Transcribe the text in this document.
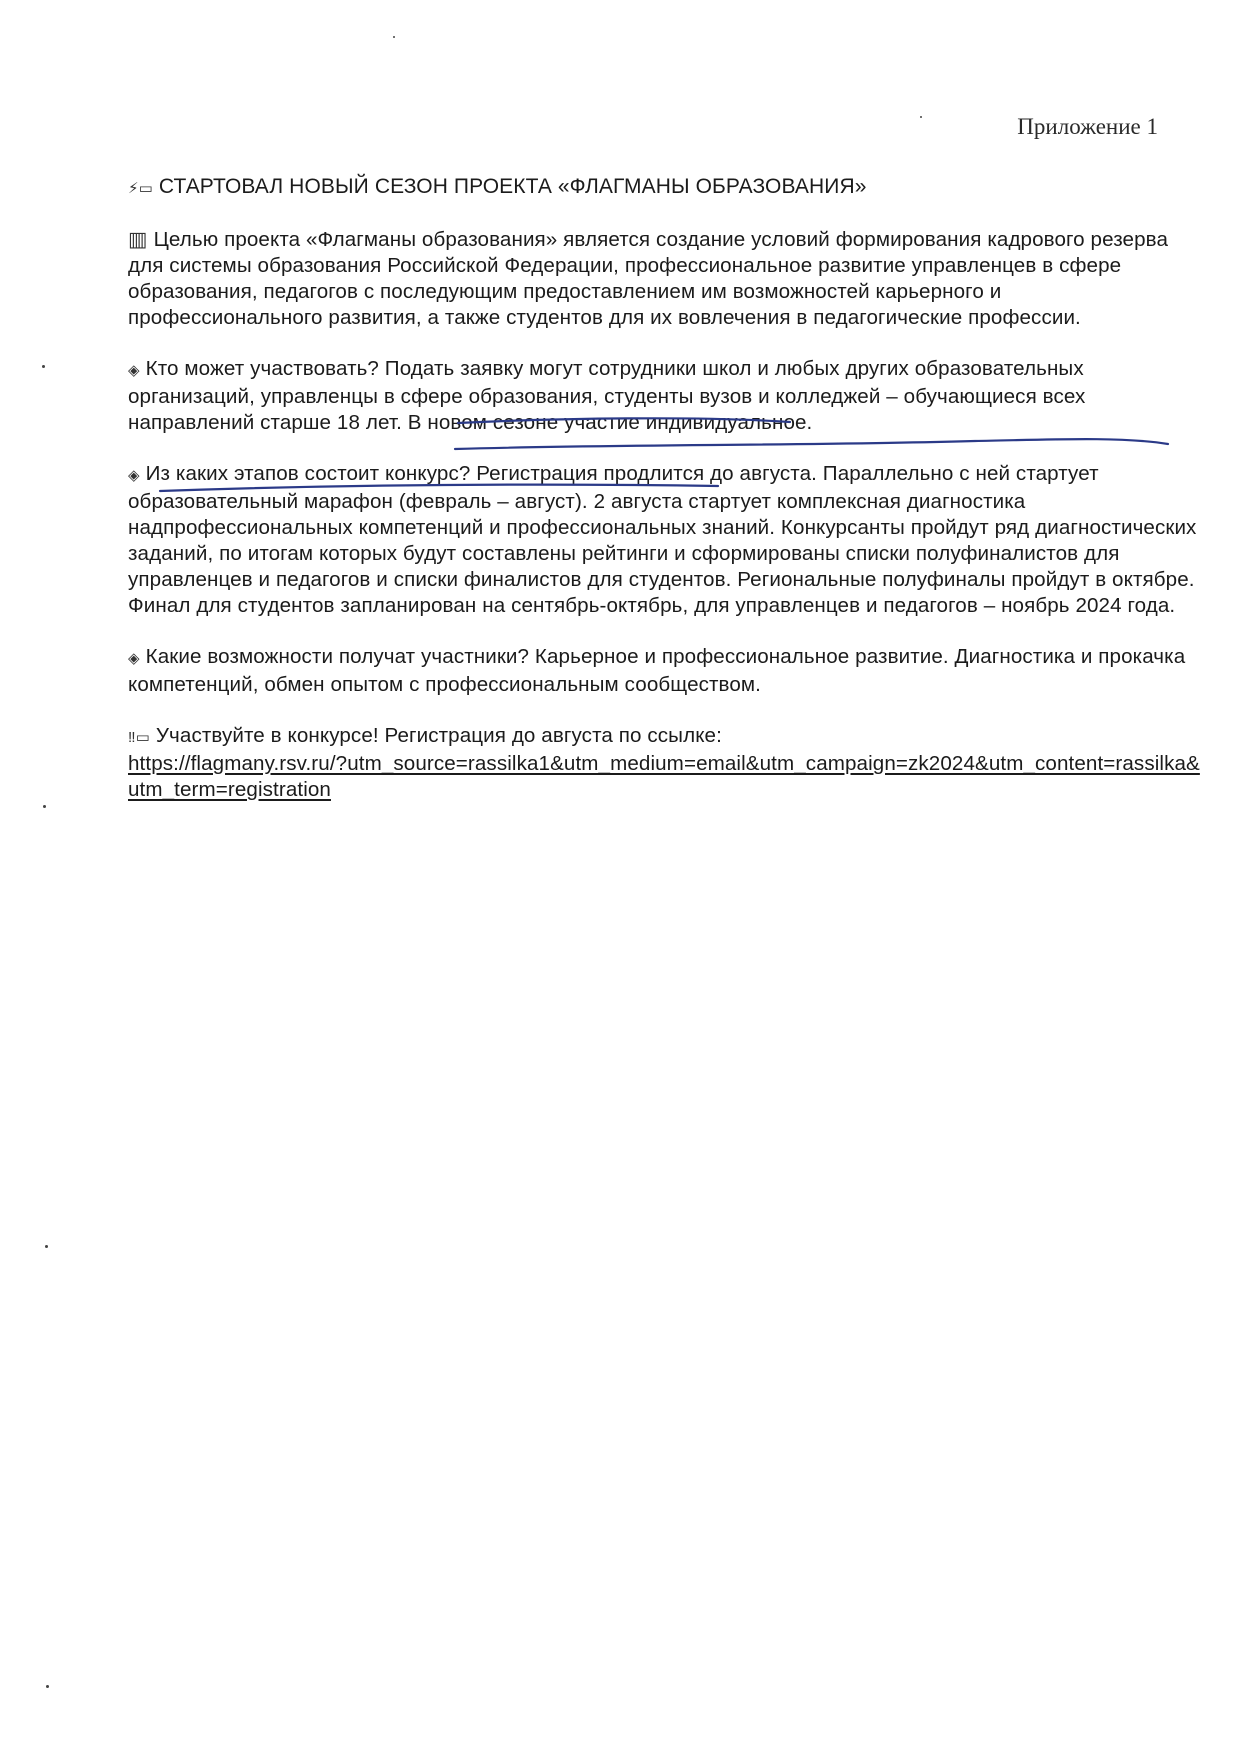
Приложение 1
⚡▭ СТАРТОВАЛ НОВЫЙ СЕЗОН ПРОЕКТА «ФЛАГМАНЫ ОБРАЗОВАНИЯ»
▥ Целью проекта «Флагманы образования» является создание условий формирования кадрового резерва для системы образования Российской Федерации, профессиональное развитие управленцев в сфере образования, педагогов с последующим предоставлением им возможностей карьерного и профессионального развития, а также студентов для их вовлечения в педагогические профессии.
◈ Кто может участвовать? Подать заявку могут сотрудники школ и любых других образовательных организаций, управленцы в сфере образования, студенты вузов и колледжей – обучающиеся всех направлений старше 18 лет. В новом сезоне участие индивидуальное.
◈ Из каких этапов состоит конкурс? Регистрация продлится до августа. Параллельно с ней стартует образовательный марафон (февраль – август). 2 августа стартует комплексная диагностика надпрофессиональных компетенций и профессиональных знаний. Конкурсанты пройдут ряд диагностических заданий, по итогам которых будут составлены рейтинги и сформированы списки полуфиналистов для управленцев и педагогов и списки финалистов для студентов. Региональные полуфиналы пройдут в октябре. Финал для студентов запланирован на сентябрь-октябрь, для управленцев и педагогов – ноябрь 2024 года.
◈ Какие возможности получат участники? Карьерное и профессиональное развитие. Диагностика и прокачка компетенций, обмен опытом с профессиональным сообществом.
‼▭ Участвуйте в конкурсе! Регистрация до августа по ссылке:
https://flagmany.rsv.ru/?utm_source=rassilka1&utm_medium=email&utm_campaign=zk2024&utm_content=rassilka&utm_term=registration
